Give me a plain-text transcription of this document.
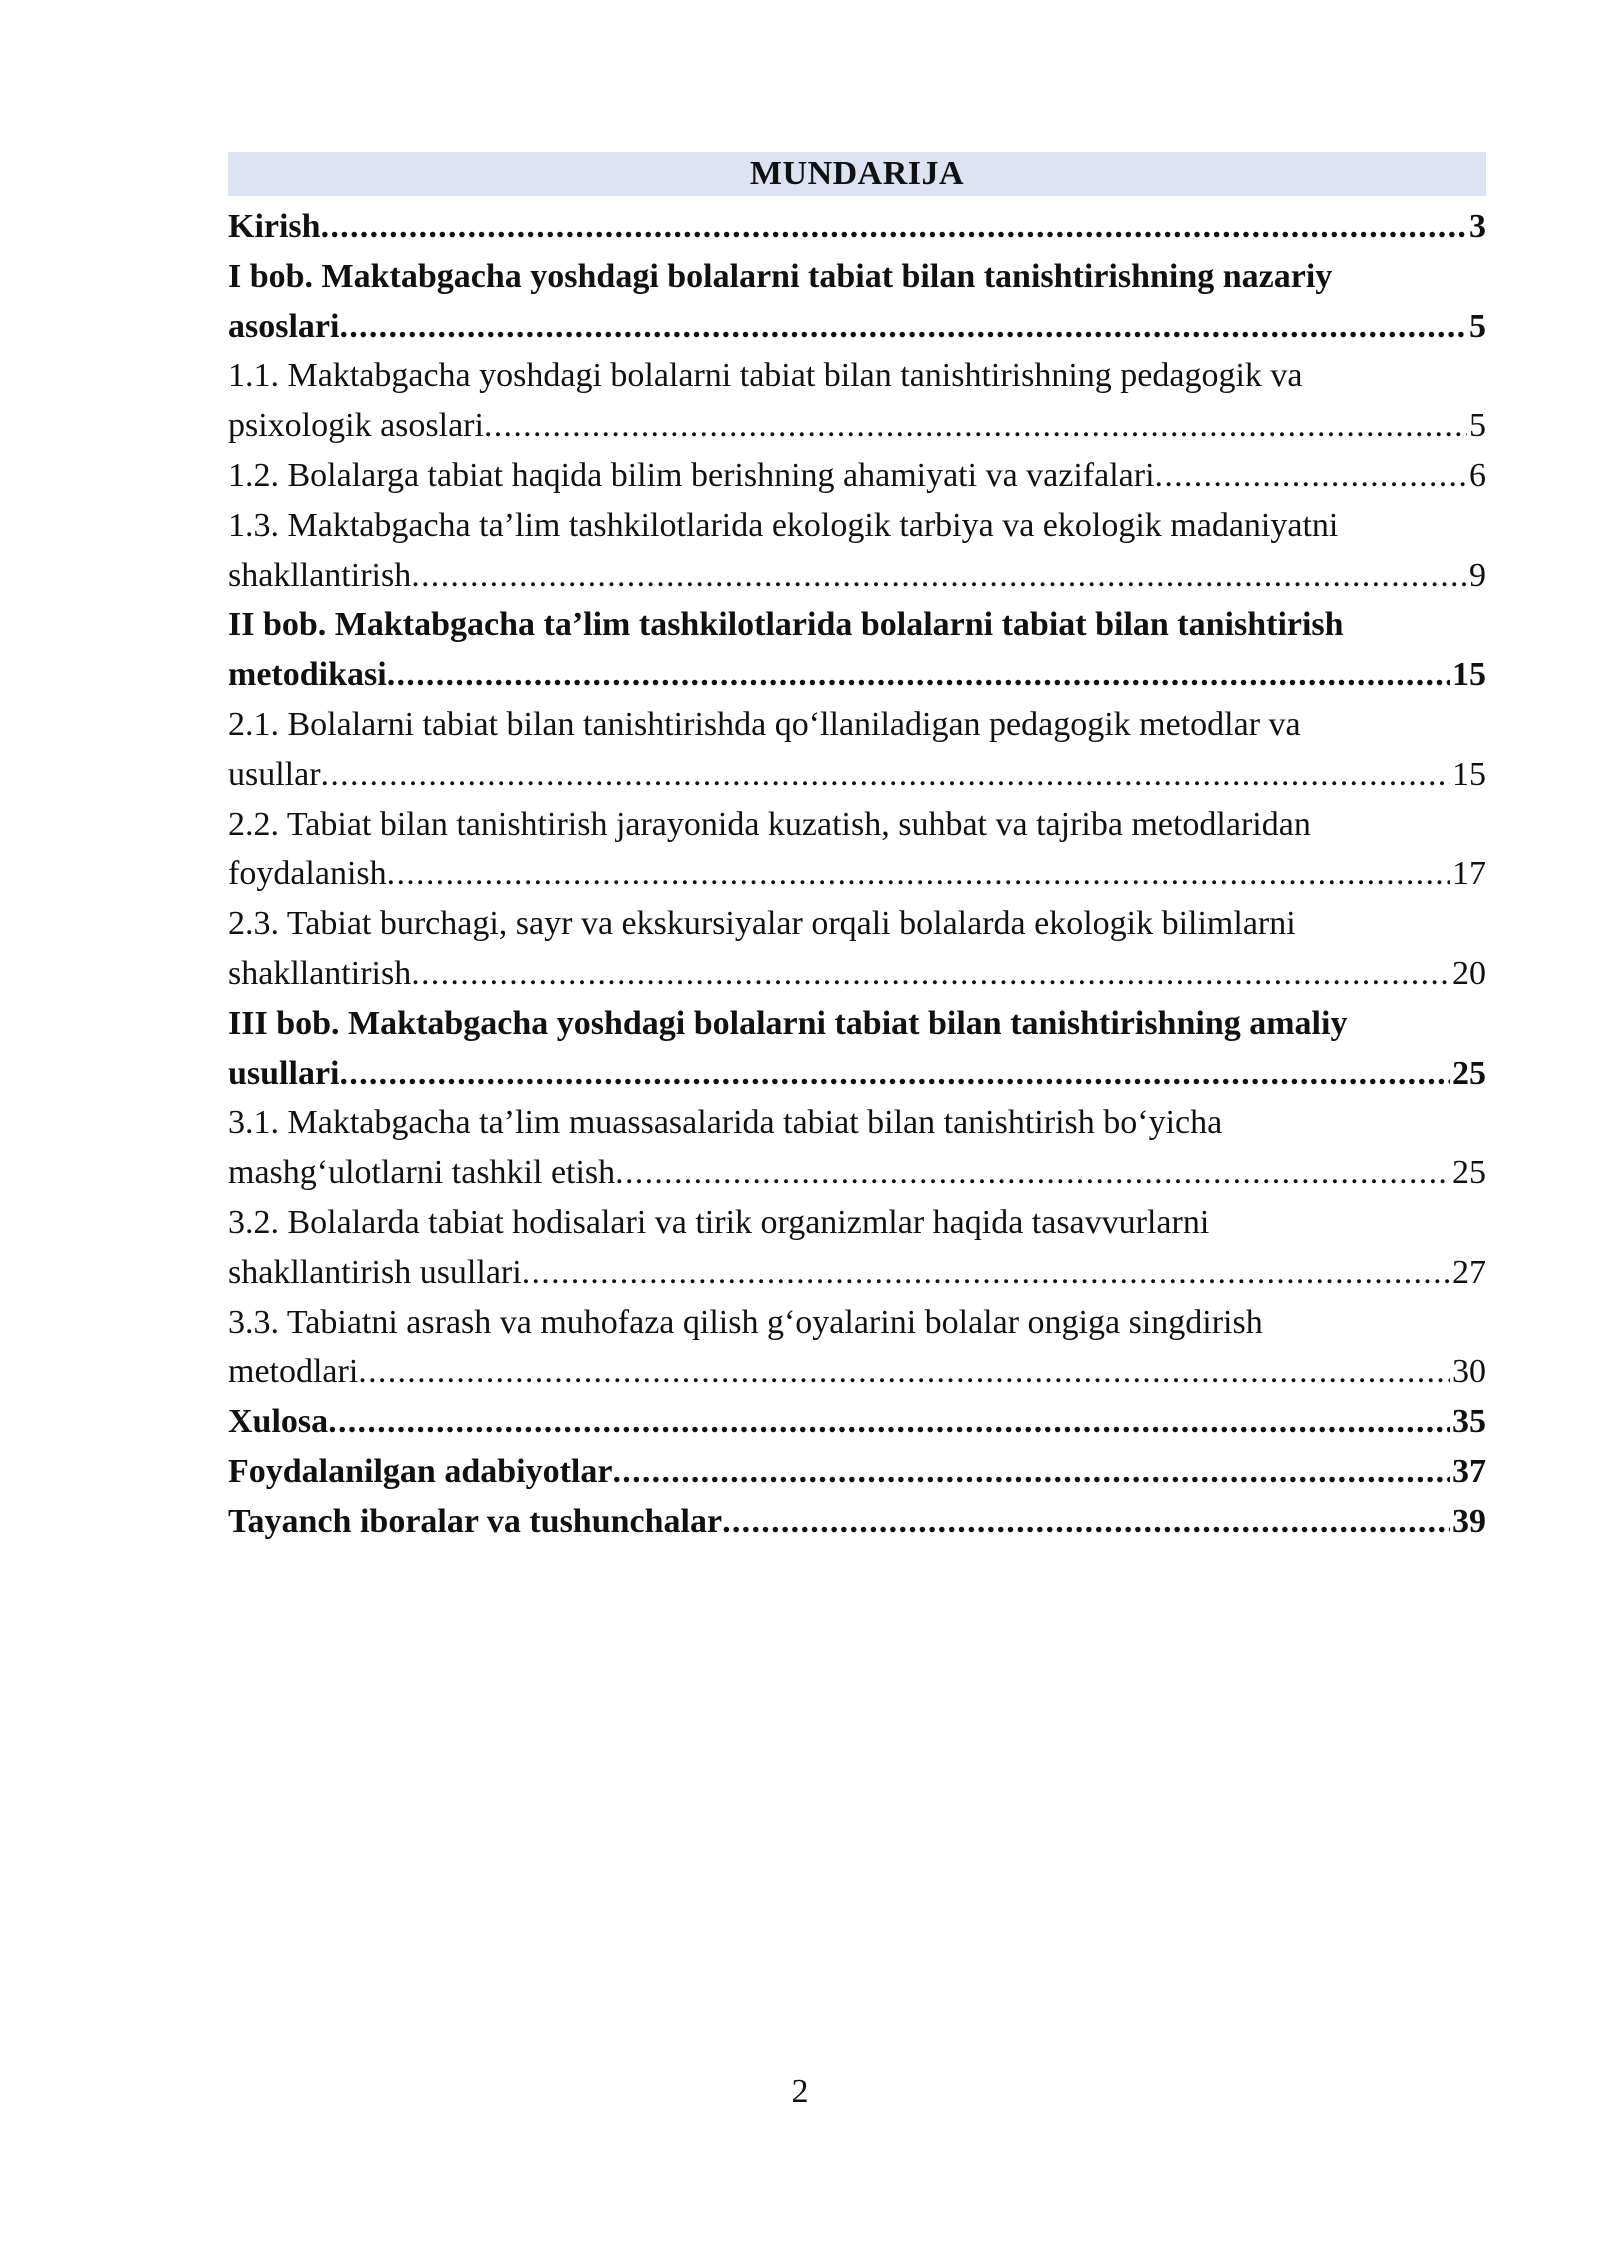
MUNDARIJA
Kirish . . .	3
I bob. Maktabgacha yoshdagi bolalarni tabiat bilan tanishtirishning nazariy
asoslari . . .	5
1.1. Maktabgacha yoshdagi bolalarni tabiat bilan tanishtirishning pedagogik va
psixologik asoslari . . .	5
1.2. Bolalarga tabiat haqida bilim berishning ahamiyati va vazifalari . . .	6
1.3. Maktabgacha ta’lim tashkilotlarida ekologik tarbiya va ekologik madaniyatni
shakllantirish . . .	9
II bob. Maktabgacha ta’lim tashkilotlarida bolalarni tabiat bilan tanishtirish
metodikasi . . .	15
2.1. Bolalarni tabiat bilan tanishtirishda qo‘llaniladigan pedagogik metodlar va
usullar . . .	15
2.2. Tabiat bilan tanishtirish jarayonida kuzatish, suhbat va tajriba metodlaridan
foydalanish . . .	17
2.3. Tabiat burchagi, sayr va ekskursiyalar orqali bolalarda ekologik bilimlarni
shakllantirish . . .	20
III bob. Maktabgacha yoshdagi bolalarni tabiat bilan tanishtirishning amaliy
usullari . . .	25
3.1. Maktabgacha ta’lim muassasalarida tabiat bilan tanishtirish bo‘yicha
mashg‘ulotlarni tashkil etish . . .	25
3.2. Bolalarda tabiat hodisalari va tirik organizmlar haqida tasavvurlarni
shakllantirish usullari . . .	27
3.3. Tabiatni asrash va muhofaza qilish g‘oyalarini bolalar ongiga singdirish
metodlari . . .	30
Xulosa . . .	35
Foydalanilgan adabiyotlar . . .	37
Tayanch iboralar va tushunchalar . . .	39
2
